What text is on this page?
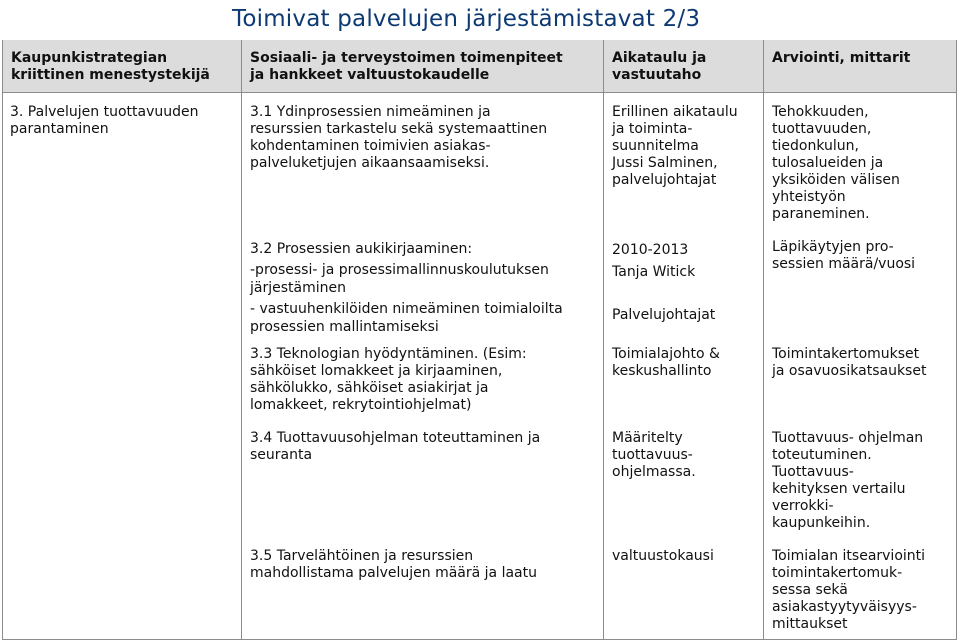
Toimivat palvelujen järjestämistavat 2/3
Kaupunkistrategian
kriittinen menestystekijä
Sosiaali- ja terveystoimen toimenpiteet
ja hankkeet valtuustokaudelle
Aikataulu ja
vastuutaho
Arviointi, mittarit
3. Palvelujen tuottavuuden
parantaminen
3.1 Ydinprosessien nimeäminen ja
resurssien tarkastelu sekä systemaattinen
kohdentaminen toimivien asiakas-
palveluketjujen aikaansaamiseksi.
Erillinen aikataulu
ja toiminta-
suunnitelma
Jussi Salminen,
palvelujohtajat
Tehokkuuden,
tuottavuuden,
tiedonkulun,
tulosalueiden ja
yksiköiden välisen
yhteistyön
paraneminen.
3.2 Prosessien aukikirjaaminen:
-prosessi- ja prosessimallinnuskoulutuksen
järjestäminen
- vastuuhenkilöiden nimeäminen toimialoilta
prosessien mallintamiseksi
2010-2013
Tanja Witick
Palvelujohtajat
Läpikäytyjen pro-
sessien määrä/vuosi
3.3 Teknologian hyödyntäminen. (Esim:
sähköiset lomakkeet ja kirjaaminen,
sähkölukko, sähköiset asiakirjat ja
lomakkeet, rekrytointiohjelmat)
Toimialajohto &
keskushallinto
Toimintakertomukset
ja osavuosikatsaukset
3.4 Tuottavuusohjelman toteuttaminen ja
seuranta
Määritelty
tuottavuus-
ohjelmassa.
Tuottavuus- ohjelman
toteutuminen.
Tuottavuus-
kehityksen vertailu
verrokki-
kaupunkeihin.
3.5 Tarvelähtöinen ja resurssien
mahdollistama palvelujen määrä ja laatu
valtuustokausi	Toimialan itsearviointi
toimintakertomuk-
sessa sekä
asiakastyytyväisyys-
mittaukset
